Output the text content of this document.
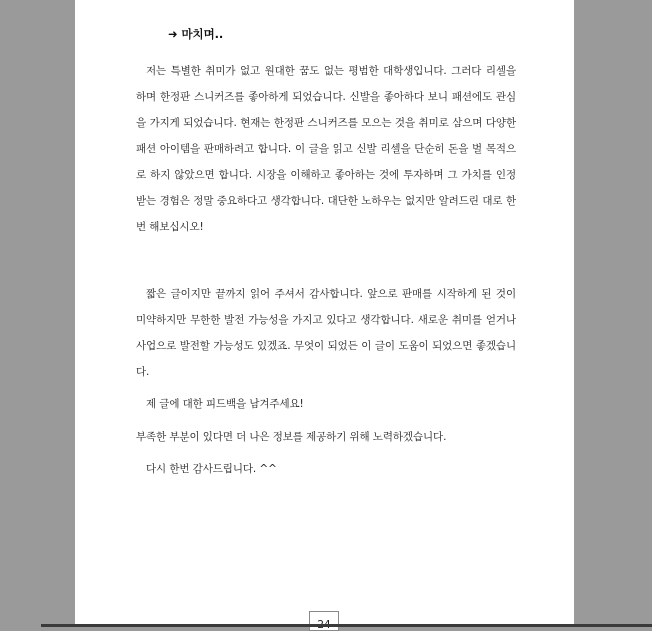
➜ 마치며..

저는 특별한 취미가 없고 원대한 꿈도 없는 평범한 대학생입니다. 그러다 리셀을 하며 한정판 스니커즈를 좋아하게 되었습니다. 신발을 좋아하다 보니 패션에도 관심을 가지게 되었습니다. 현재는 한정판 스니커즈를 모으는 것을 취미로 삼으며 다양한 패션 아이템을 판매하려고 합니다. 이 글을 읽고 신발 리셀을 단순히 돈을 벌 목적으로 하지 않았으면 합니다. 시장을 이해하고 좋아하는 것에 투자하며 그 가치를 인정받는 경험은 정말 중요하다고 생각합니다. 대단한 노하우는 없지만 알려드린 대로 한번 해보십시오!

짧은 글이지만 끝까지 읽어 주셔서 감사합니다. 앞으로 판매를 시작하게 된 것이 미약하지만 무한한 발전 가능성을 가지고 있다고 생각합니다. 새로운 취미를 얻거나 사업으로 발전할 가능성도 있겠죠. 무엇이 되었든 이 글이 도움이 되었으면 좋겠습니다.

제 글에 대한 피드백을 남겨주세요!
부족한 부분이 있다면 더 나은 정보를 제공하기 위해 노력하겠습니다.
다시 한번 감사드립니다. ^^
